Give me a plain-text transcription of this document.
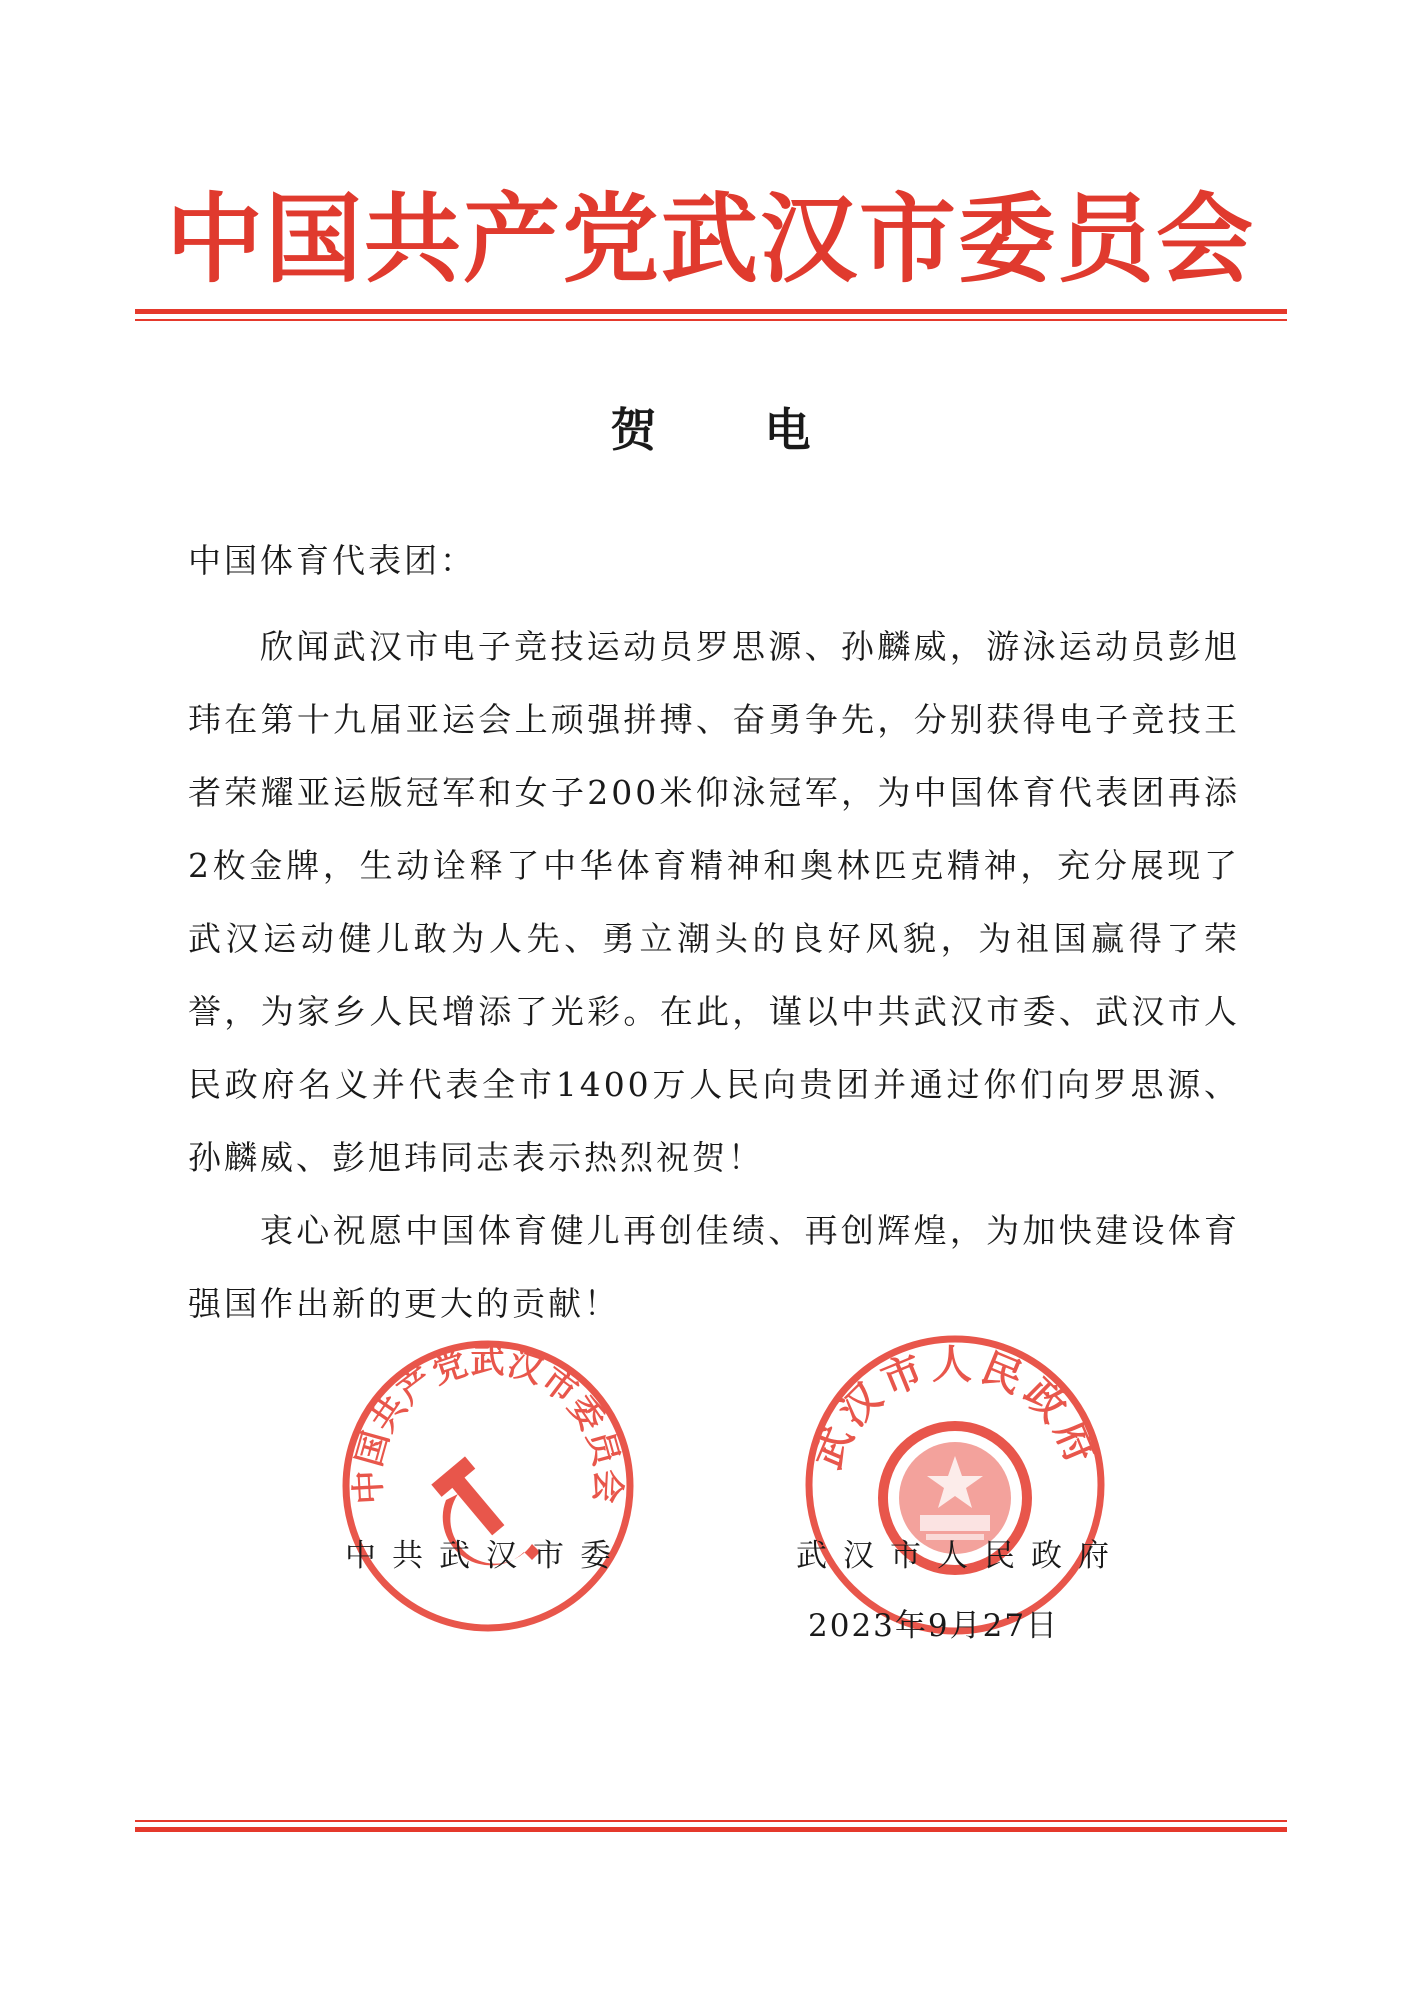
中国共产党武汉市委员会
贺 电
中国体育代表团：

欣闻武汉市电子竞技运动员罗思源、孙麟威，游泳运动员彭旭玮在第十九届亚运会上顽强拼搏、奋勇争先，分别获得电子竞技王者荣耀亚运版冠军和女子200米仰泳冠军，为中国体育代表团再添2枚金牌，生动诠释了中华体育精神和奥林匹克精神，充分展现了武汉运动健儿敢为人先、勇立潮头的良好风貌，为祖国赢得了荣誉，为家乡人民增添了光彩。在此，谨以中共武汉市委、武汉市人民政府名义并代表全市1400万人民向贵团并通过你们向罗思源、孙麟威、彭旭玮同志表示热烈祝贺！

衷心祝愿中国体育健儿再创佳绩、再创辉煌，为加快建设体育强国作出新的更大的贡献！

中国共产党武汉市委员会
武汉市人民政府
中共武汉市委	武汉市人民政府
2023年9月27日
